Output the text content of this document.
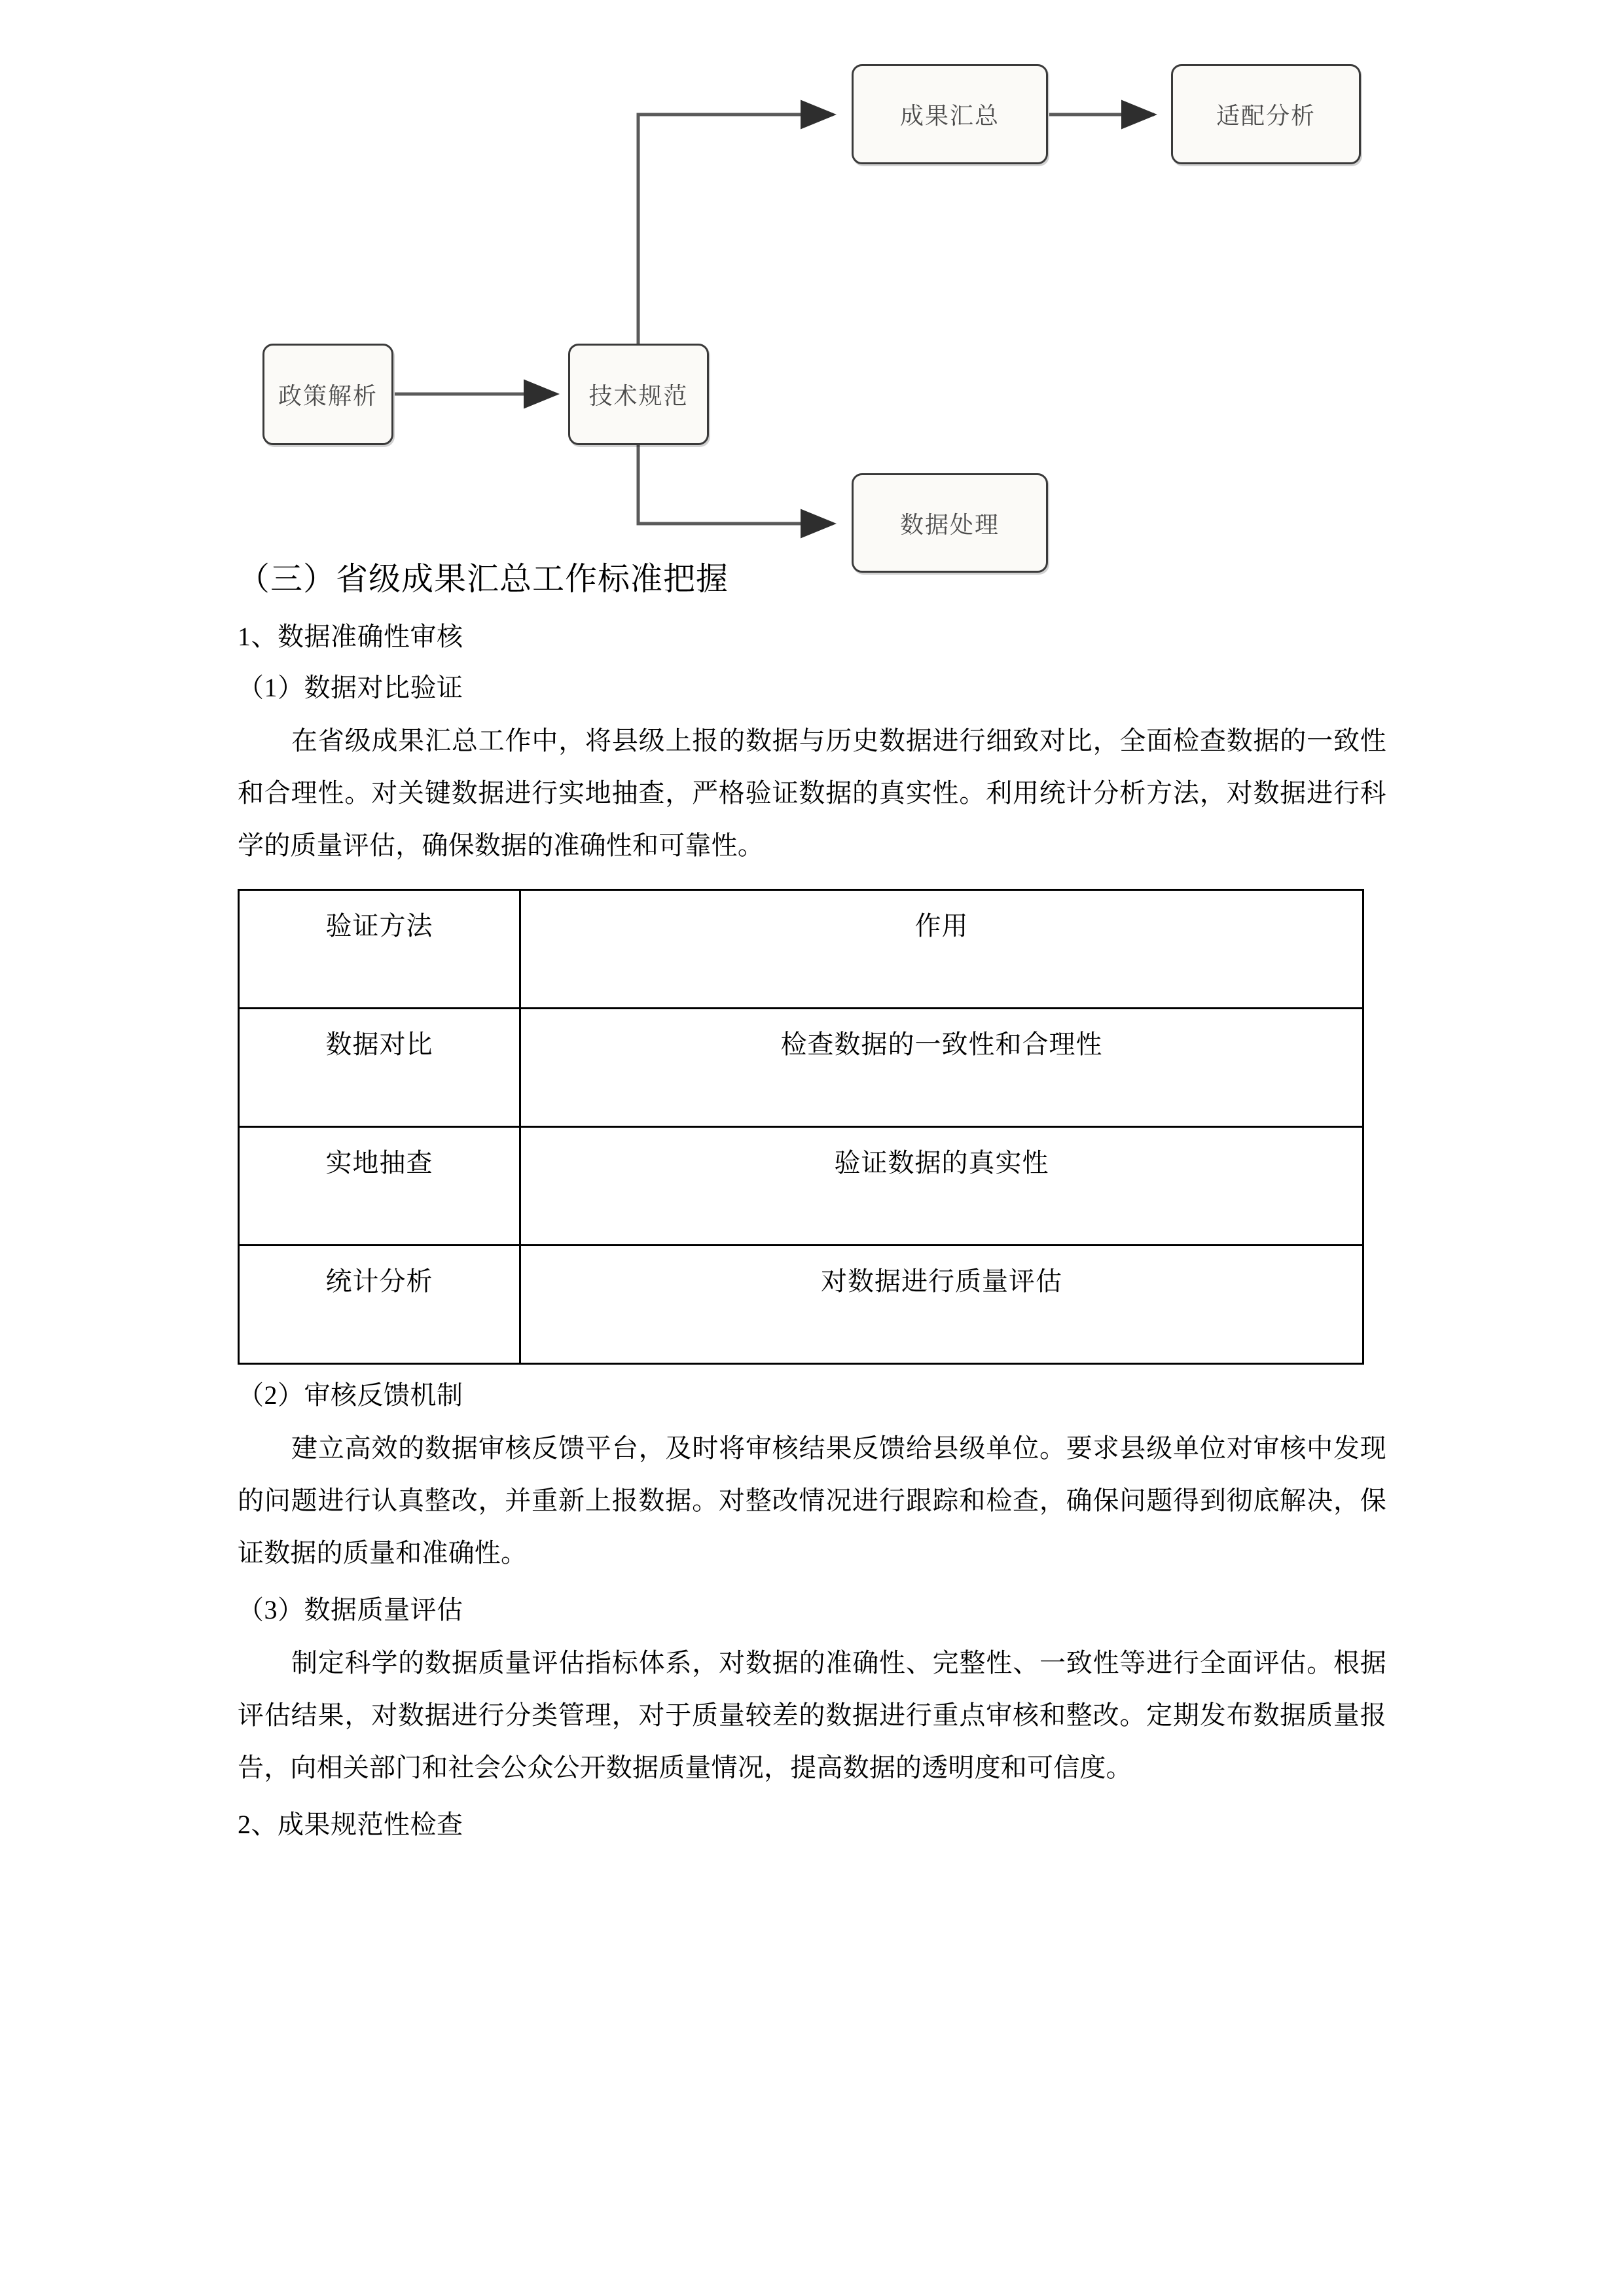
政策解析	技术规范
成果汇总	适配分析
数据处理
（三）省级成果汇总工作标准把握

1、数据准确性审核

（1）数据对比验证

在省级成果汇总工作中，将县级上报的数据与历史数据进行细致对比，全面检查数据的一致性和合理性。对关键数据进行实地抽查，严格验证数据的真实性。利用统计分析方法，对数据进行科学的质量评估，确保数据的准确性和可靠性。

验证方法	作用
数据对比	检查数据的一致性和合理性
实地抽查	验证数据的真实性
统计分析	对数据进行质量评估

（2）审核反馈机制

建立高效的数据审核反馈平台，及时将审核结果反馈给县级单位。要求县级单位对审核中发现的问题进行认真整改，并重新上报数据。对整改情况进行跟踪和检查，确保问题得到彻底解决，保证数据的质量和准确性。

（3）数据质量评估

制定科学的数据质量评估指标体系，对数据的准确性、完整性、一致性等进行全面评估。根据评估结果，对数据进行分类管理，对于质量较差的数据进行重点审核和整改。定期发布数据质量报告，向相关部门和社会公众公开数据质量情况，提高数据的透明度和可信度。

2、成果规范性检查
